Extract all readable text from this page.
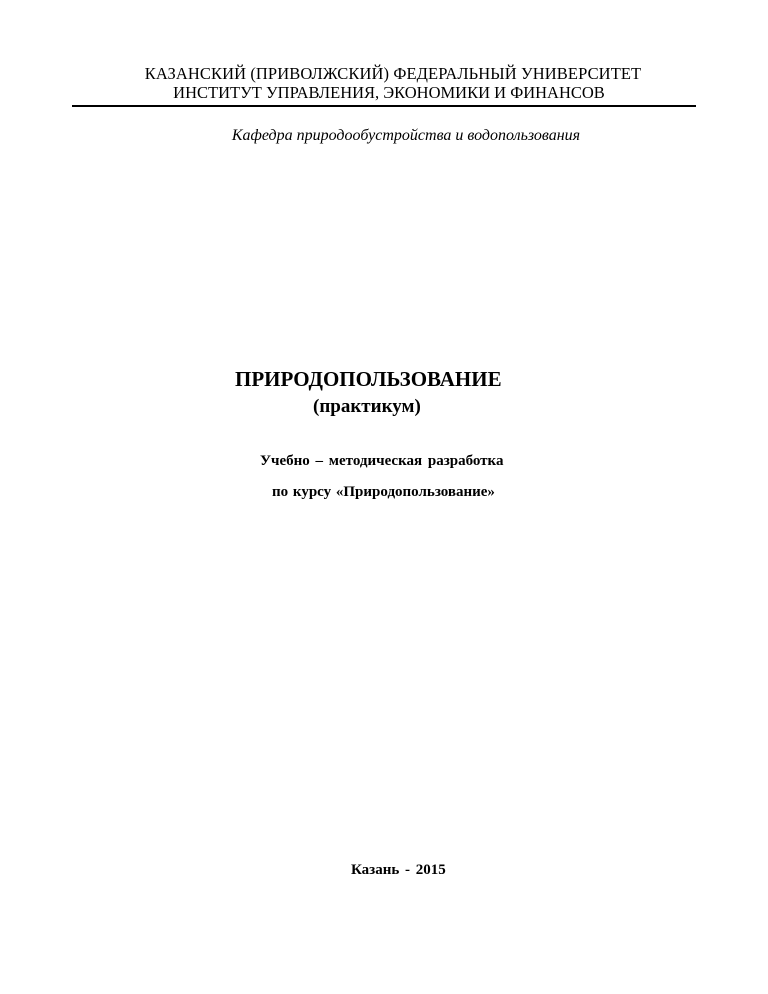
КАЗАНСКИЙ (ПРИВОЛЖСКИЙ) ФЕДЕРАЛЬНЫЙ УНИВЕРСИТЕТ

ИНСТИТУТ УПРАВЛЕНИЯ, ЭКОНОМИКИ И ФИНАНСОВ

Кафедра природообустройства и водопользования

ПРИРОДОПОЛЬЗОВАНИЕ
(практикум)

Учебно – методическая разработка

по курсу «Природопользование»

Казань - 2015
